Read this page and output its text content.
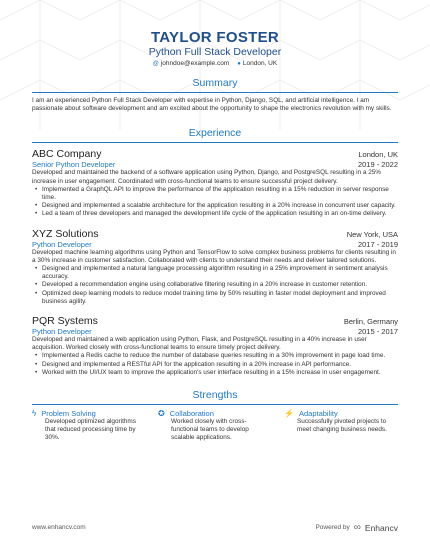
TAYLOR FOSTER
Python Full Stack Developer
@ johndoe@example.com ● London, UK
Summary
I am an experienced Python Full Stack Developer with expertise in Python, Django, SQL, and artificial intelligence. I am passionate about software development and am excited about the opportunity to shape the electronics revolution with my skills.
Experience
ABC Company	London, UK
Senior Python Developer	2019 - 2022
Developed and maintained the backend of a software application using Python, Django, and PostgreSQL resulting in a 25% increase in user engagement. Coordinated with cross-functional teams to ensure successful project delivery.
• Implemented a GraphQL API to improve the performance of the application resulting in a 15% reduction in server response time.
• Designed and implemented a scalable architecture for the application resulting in a 20% increase in concurrent user capacity.
• Led a team of three developers and managed the development life cycle of the application resulting in an on-time delivery.
XYZ Solutions	New York, USA
Python Developer	2017 - 2019
Developed machine learning algorithms using Python and TensorFlow to solve complex business problems for clients resulting in a 30% increase in customer satisfaction. Collaborated with clients to understand their needs and deliver tailored solutions.
• Designed and implemented a natural language processing algorithm resulting in a 25% improvement in sentiment analysis accuracy.
• Developed a recommendation engine using collaborative filtering resulting in a 20% increase in customer retention.
• Optimized deep learning models to reduce model training time by 50% resulting in faster model deployment and improved business agility.
PQR Systems	Berlin, Germany
Python Developer	2015 - 2017
Developed and maintained a web application using Python, Flask, and PostgreSQL resulting in a 40% increase in user acquisition. Worked closely with cross-functional teams to ensure timely project delivery.
• Implemented a Redis cache to reduce the number of database queries resulting in a 30% improvement in page load time.
• Designed and implemented a RESTful API for the application resulting in a 20% increase in API performance.
• Worked with the UI/UX team to improve the application's user interface resulting in a 15% increase in user engagement.
Strengths
ϟ Problem Solving
Developed optimized algorithms that reduced processing time by 30%.
✪ Collaboration
Worked closely with cross-functional teams to develop scalable applications.
⚡ Adaptability
Successfully pivoted projects to meet changing business needs.
www.enhancv.com	Powered by ∞ Enhancv
